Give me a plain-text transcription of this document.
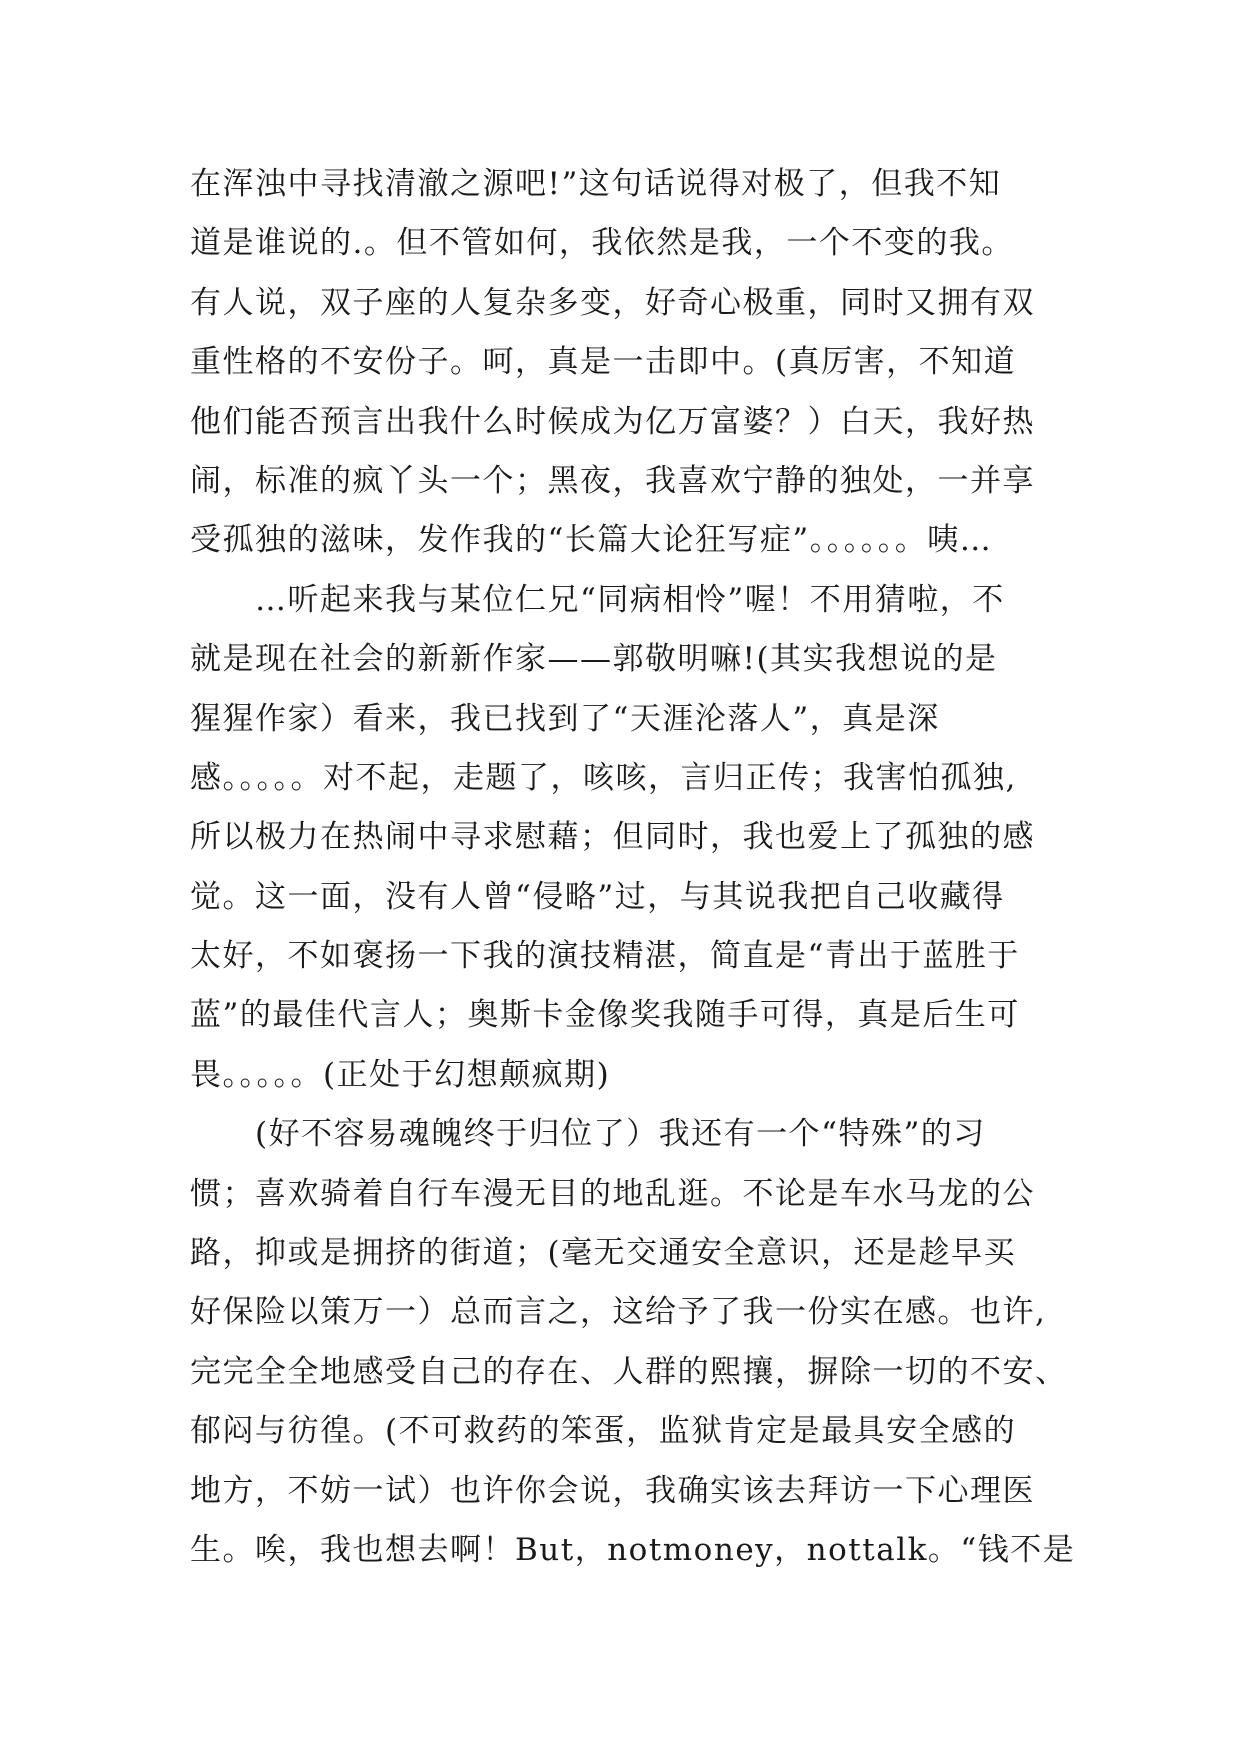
在浑浊中寻找清澈之源吧!”这句话说得对极了，但我不知
道是谁说的.。但不管如何，我依然是我，一个不变的我。
有人说，双子座的人复杂多变，好奇心极重，同时又拥有双
重性格的不安份子。呵，真是一击即中。(真厉害，不知道
他们能否预言出我什么时候成为亿万富婆？）白天，我好热
闹，标准的疯丫头一个；黑夜，我喜欢宁静的独处，一并享
受孤独的滋味，发作我的“长篇大论狂写症”。。。。。。咦…
　　…听起来我与某位仁兄“同病相怜”喔！不用猜啦，不
就是现在社会的新新作家——郭敬明嘛!(其实我想说的是
猩猩作家）看来，我已找到了“天涯沦落人”，真是深
感。。。。。对不起，走题了，咳咳，言归正传；我害怕孤独,
所以极力在热闹中寻求慰藉；但同时，我也爱上了孤独的感
觉。这一面，没有人曾“侵略”过，与其说我把自己收藏得
太好，不如褒扬一下我的演技精湛，简直是“青出于蓝胜于
蓝”的最佳代言人；奥斯卡金像奖我随手可得，真是后生可
畏。。。。。(正处于幻想颠疯期)
　　(好不容易魂魄终于归位了）我还有一个“特殊”的习
惯；喜欢骑着自行车漫无目的地乱逛。不论是车水马龙的公
路，抑或是拥挤的街道；(毫无交通安全意识，还是趁早买
好保险以策万一）总而言之，这给予了我一份实在感。也许,
完完全全地感受自己的存在、人群的熙攘，摒除一切的不安、
郁闷与彷徨。(不可救药的笨蛋，监狱肯定是最具安全感的
地方，不妨一试）也许你会说，我确实该去拜访一下心理医
生。唉，我也想去啊！But，notmoney，nottalk。“钱不是
